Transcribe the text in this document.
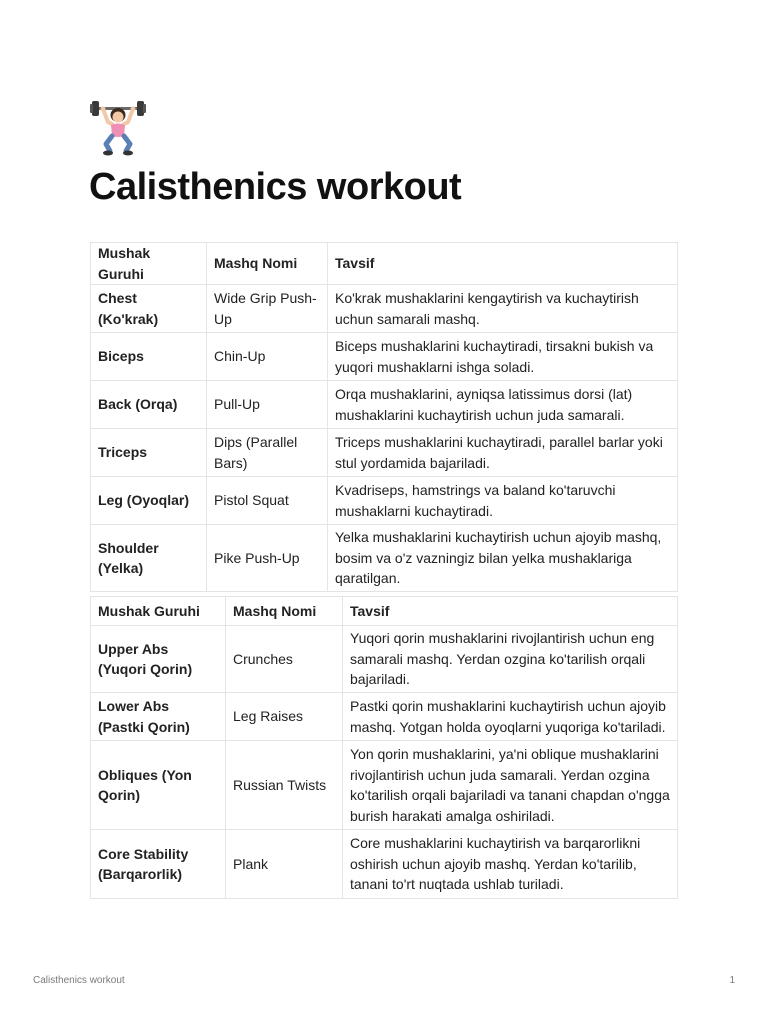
Calisthenics workout
Mushak Guruhi	Mashq Nomi	Tavsif
Chest (Ko'krak)	Wide Grip Push-Up	Ko'krak mushaklarini kengaytirish va kuchaytirish uchun samarali mashq.
Biceps	Chin-Up	Biceps mushaklarini kuchaytiradi, tirsakni bukish va yuqori mushaklarni ishga soladi.
Back (Orqa)	Pull-Up	Orqa mushaklarini, ayniqsa latissimus dorsi (lat) mushaklarini kuchaytirish uchun juda samarali.
Triceps	Dips (Parallel Bars)	Triceps mushaklarini kuchaytiradi, parallel barlar yoki stul yordamida bajariladi.
Leg (Oyoqlar)	Pistol Squat	Kvadriseps, hamstrings va baland ko'taruvchi mushaklarni kuchaytiradi.
Shoulder (Yelka)	Pike Push-Up	Yelka mushaklarini kuchaytirish uchun ajoyib mashq, bosim va o'z vazningiz bilan yelka mushaklariga qaratilgan.
Mushak Guruhi	Mashq Nomi	Tavsif
Upper Abs (Yuqori Qorin)	Crunches	Yuqori qorin mushaklarini rivojlantirish uchun eng samarali mashq. Yerdan ozgina ko'tarilish orqali bajariladi.
Lower Abs (Pastki Qorin)	Leg Raises	Pastki qorin mushaklarini kuchaytirish uchun ajoyib mashq. Yotgan holda oyoqlarni yuqoriga ko'tariladi.
Obliques (Yon Qorin)	Russian Twists	Yon qorin mushaklarini, ya'ni oblique mushaklarini rivojlantirish uchun juda samarali. Yerdan ozgina ko'tarilish orqali bajariladi va tanani chapdan o'ngga burish harakati amalga oshiriladi.
Core Stability (Barqarorlik)	Plank	Core mushaklarini kuchaytirish va barqarorlikni oshirish uchun ajoyib mashq. Yerdan ko'tarilib, tanani to'rt nuqtada ushlab turiladi.
Calisthenics workout	1
